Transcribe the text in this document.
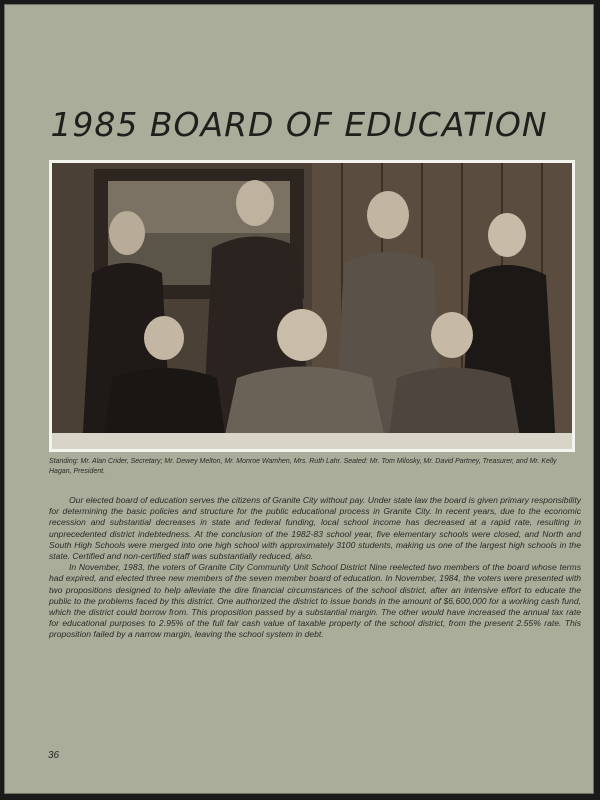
1985 BOARD OF EDUCATION
Standing: Mr. Alan Crider, Secretary; Mr. Dewey Melton, Mr. Monroe Wamhen, Mrs. Ruth Lahr. Seated: Mr. Tom Milosky, Mr. David Partney, Treasurer, and Mr. Kelly Hagan, President.

Our elected board of education serves the citizens of Granite City without pay. Under state law the board is given primary responsibility for determining the basic policies and structure for the public educational process in Granite City. In recent years, due to the economic recession and substantial decreases in state and federal funding, local school income has decreased at a rapid rate, resulting in unprecedented district indebtedness. At the conclusion of the 1982-83 school year, five elementary schools were closed, and North and South High Schools were merged into one high school with approximately 3100 students, making us one of the largest high schools in the state. Certified and non-certified staff was substantially reduced, also.

In November, 1983, the voters of Granite City Community Unit School District Nine reelected two members of the board whose terms had expired, and elected three new members of the seven member board of education. In November, 1984, the voters were presented with two propositions designed to help alleviate the dire financial circumstances of the school district, after an intensive effort to educate the public to the problems faced by this district. One authorized the district to issue bonds in the amount of $6,600,000 for a working cash fund, which the district could borrow from. This proposition passed by a substantial margin. The other would have increased the annual tax rate for educational purposes to 2.95% of the full fair cash value of taxable property of the school district, from the present 2.55% rate. This proposition failed by a narrow margin, leaving the school system in debt.

36
